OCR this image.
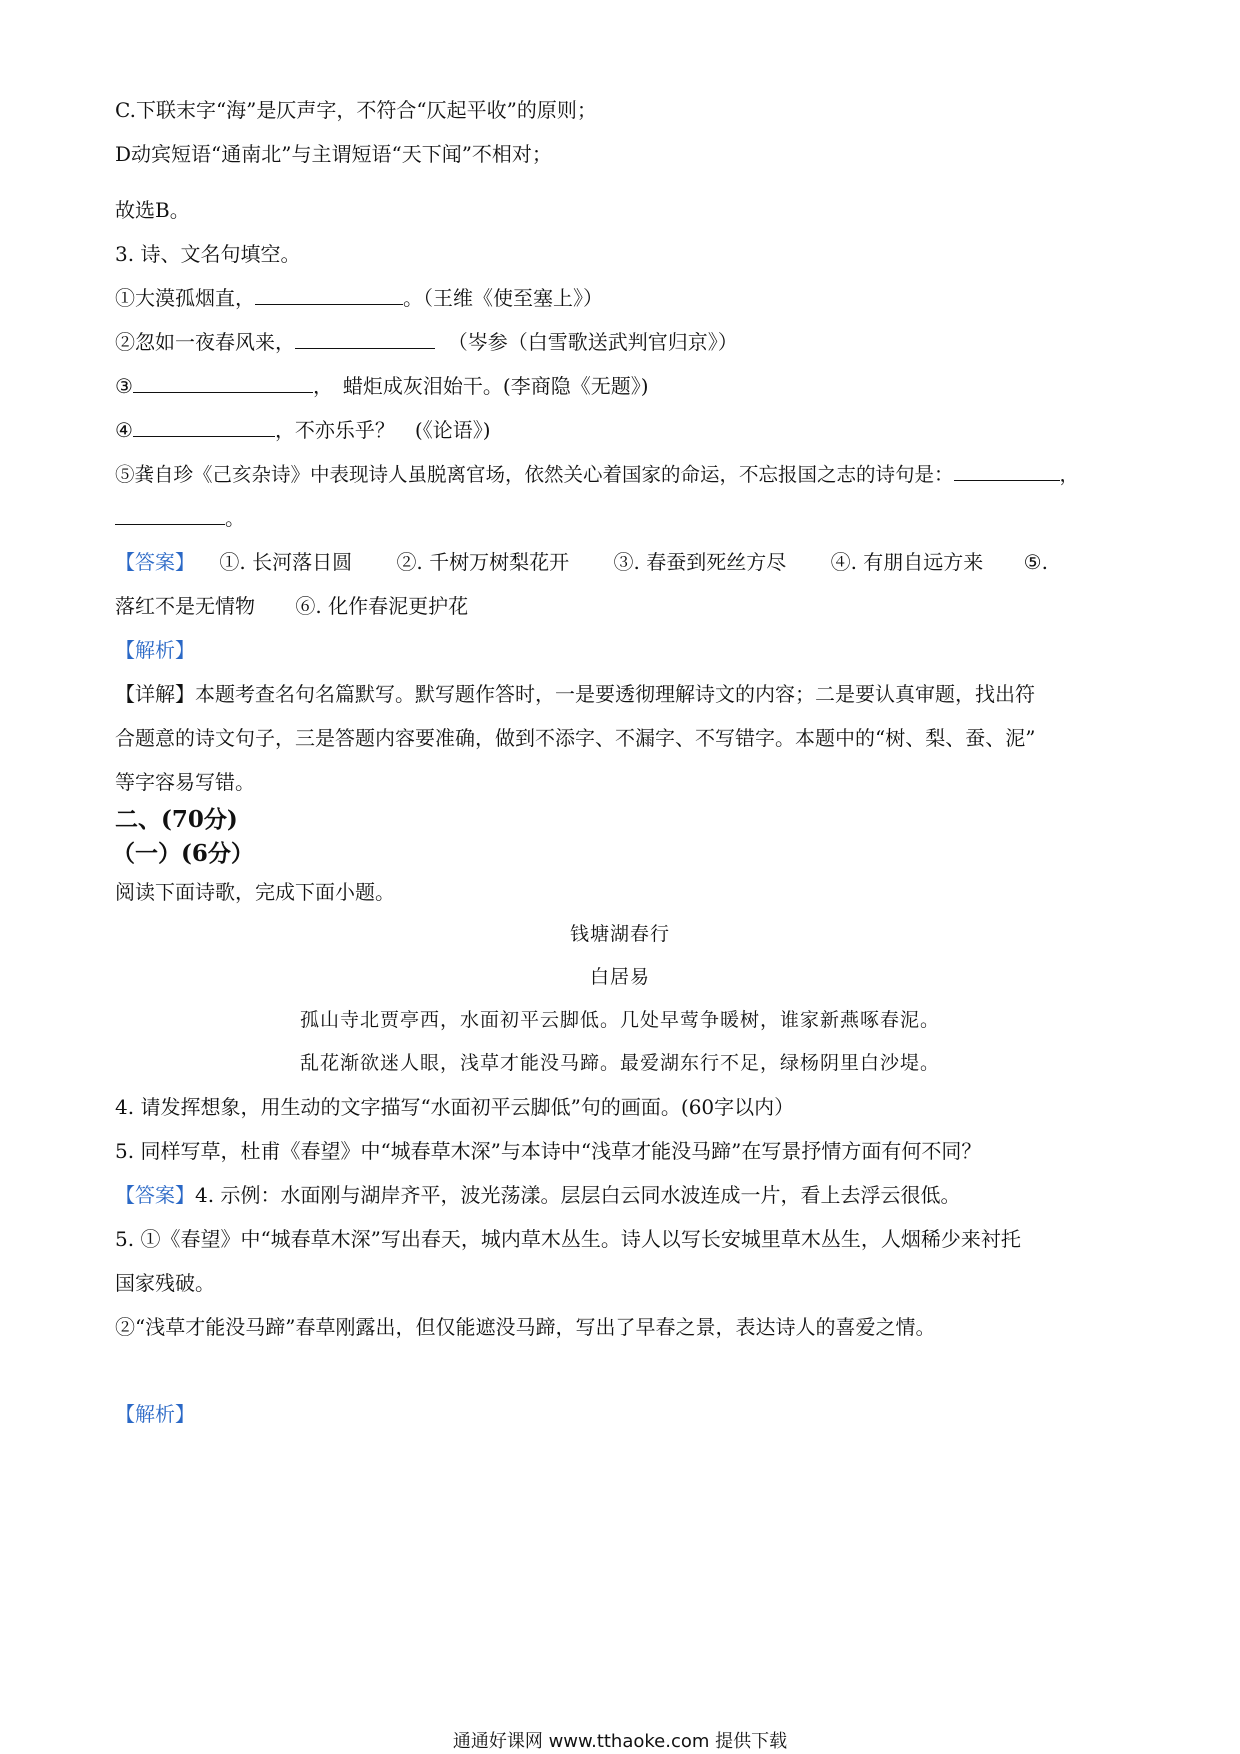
C.下联末字“海”是仄声字，不符合“仄起平收”的原则；
D动宾短语“通南北”与主谓短语“天下闻”不相对；
故选B。
3. 诗、文名句填空。
①大漠孤烟直，	。（王维《使至塞上》）
②忽如一夜春风来，	（岑参（白雪歌送武判官归京》）
③	，　蜡炬成灰泪始干。(李商隐《无题》)
④	，不亦乐乎？　(《论语》)
⑤龚自珍《己亥杂诗》中表现诗人虽脱离官场，依然关心着国家的命运，不忘报国之志的诗句是：	，
。
【答案】 ①. 长河落日圆 ②. 千树万树梨花开 ③. 春蚕到死丝方尽 ④. 有朋自远方来 ⑤.
落红不是无情物 ⑥. 化作春泥更护花
【解析】
【详解】本题考查名句名篇默写。默写题作答时，一是要透彻理解诗文的内容；二是要认真审题，找出符
合题意的诗文句子，三是答题内容要准确，做到不添字、不漏字、不写错字。本题中的“树、梨、蚕、泥”
等字容易写错。
二、(70分)
（一）(6分）
阅读下面诗歌，完成下面小题。
钱塘湖春行
白居易
孤山寺北贾亭西，水面初平云脚低。几处早莺争暖树，谁家新燕啄春泥。
乱花渐欲迷人眼，浅草才能没马蹄。最爱湖东行不足，绿杨阴里白沙堤。
4. 请发挥想象，用生动的文字描写“水面初平云脚低”句的画面。(60字以内）
5. 同样写草，杜甫《春望》中“城春草木深”与本诗中“浅草才能没马蹄”在写景抒情方面有何不同？
【答案】4. 示例：水面刚与湖岸齐平，波光荡漾。层层白云同水波连成一片，看上去浮云很低。
5. ①《春望》中“城春草木深”写出春天，城内草木丛生。诗人以写长安城里草木丛生，人烟稀少来衬托
国家残破。
②“浅草才能没马蹄”春草刚露出，但仅能遮没马蹄，写出了早春之景，表达诗人的喜爱之情。
【解析】
通通好课网 www.tthaoke.com 提供下载
